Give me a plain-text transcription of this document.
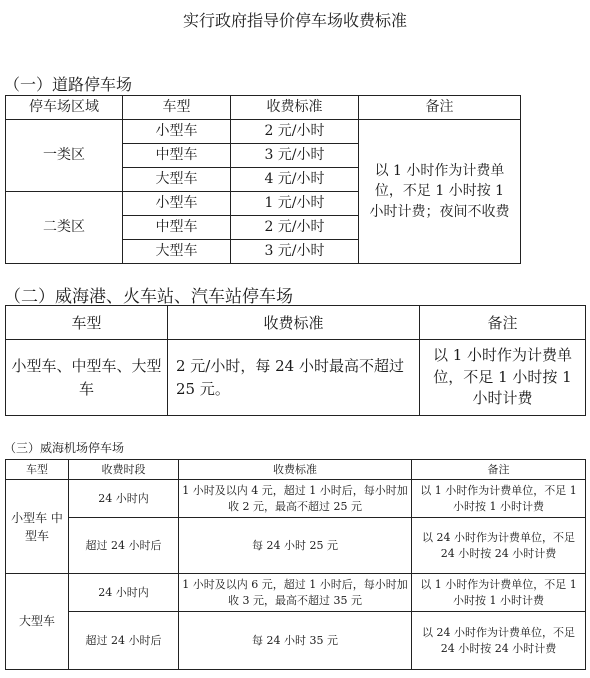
实行政府指导价停车场收费标准
（一）道路停车场
停车场区域	车型	收费标准	备注
一类区	小型车	2 元/小时	以 1 小时作为计费单位，不足 1 小时按 1 小时计费；夜间不收费
	中型车	3 元/小时	
	大型车	4 元/小时	
二类区	小型车	1 元/小时	
	中型车	2 元/小时	
	大型车	3 元/小时	
（二）威海港、火车站、汽车站停车场
车型	收费标准	备注
小型车、中型车、大型车	2 元/小时，每 24 小时最高不超过 25 元。	以 1 小时作为计费单位，不足 1 小时按 1 小时计费
（三）威海机场停车场
车型	收费时段	收费标准	备注
小型车 中型车	24 小时内	1 小时及以内 4 元，超过 1 小时后，每小时加收 2 元，最高不超过 25 元	以 1 小时作为计费单位，不足 1 小时按 1 小时计费
	超过 24 小时后	每 24 小时 25 元	以 24 小时作为计费单位，不足 24 小时按 24 小时计费
大型车	24 小时内	1 小时及以内 6 元，超过 1 小时后，每小时加收 3 元，最高不超过 35 元	以 1 小时作为计费单位，不足 1 小时按 1 小时计费
	超过 24 小时后	每 24 小时 35 元	以 24 小时作为计费单位，不足 24 小时按 24 小时计费
